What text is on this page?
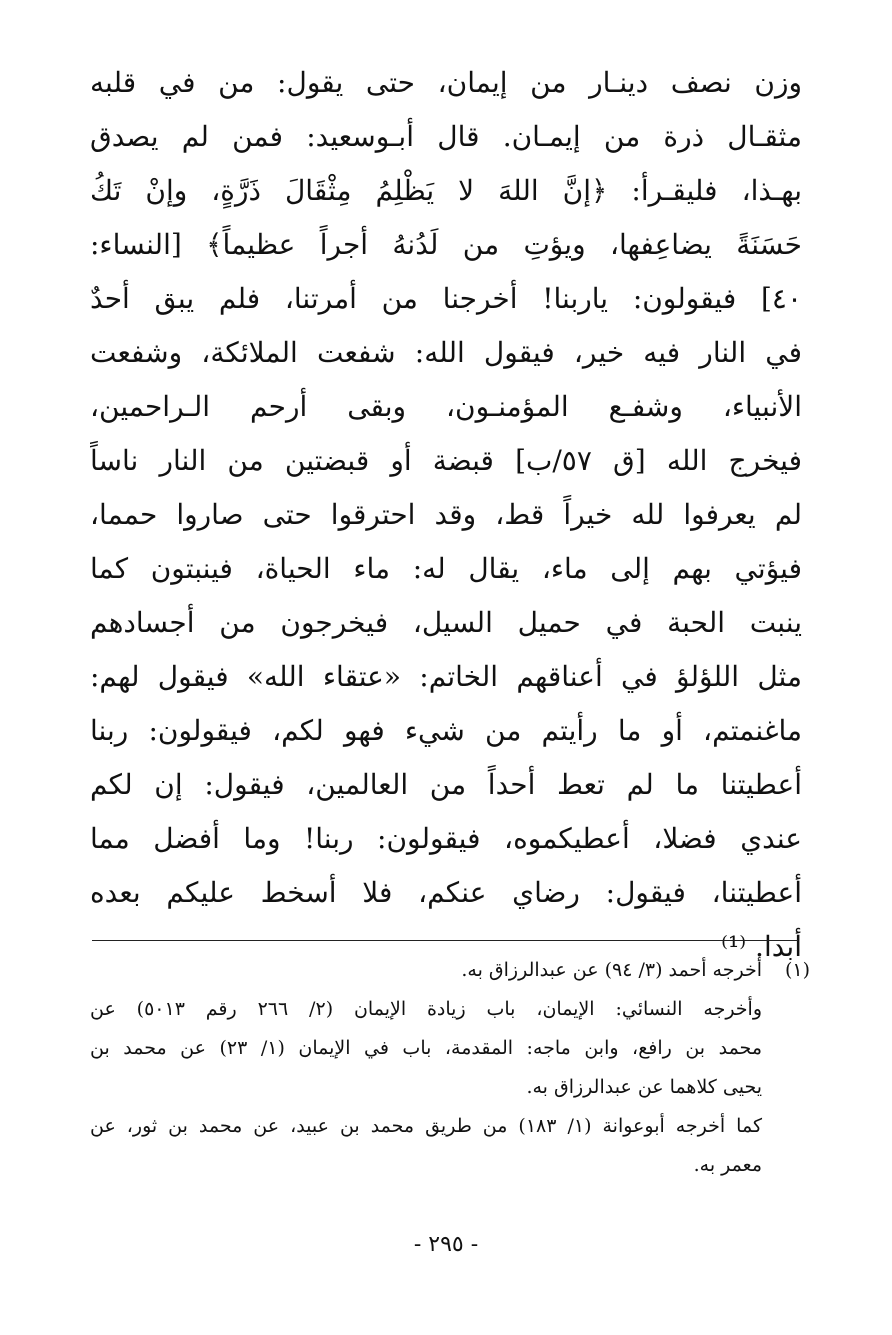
وزن نصف دينـار من إيمان، حتى يقول: من في قلبه
مثقـال ذرة من إيمـان. قال أبـوسعيد: فمن لم يصدق
بهـذا، فليقـرأ: ﴿إنَّ اللهَ لا يَظْلِمُ مِثْقَالَ ذَرَّةٍ، وإنْ تَكُ
حَسَنَةً يضاعِفها، ويؤتِ من لَدُنهُ أجراً عظيماً﴾ [النساء:
٤٠] فيقولون: ياربنا! أخرجنا من أمرتنا، فلم يبق أحدٌ
في النار فيه خير، فيقول الله: شفعت الملائكة، وشفعت
الأنبياء، وشفـع المؤمنـون، وبقى أرحم الـراحمين،
فيخرج الله [ق ٥٧/ب] قبضة أو قبضتين من النار ناساً
لم يعرفوا لله خيراً قط، وقد احترقوا حتى صاروا حمما،
فيؤتي بهم إلى ماء، يقال له: ماء الحياة، فينبتون كما
ينبت الحبة في حميل السيل، فيخرجون من أجسادهم
مثل اللؤلؤ في أعناقهم الخاتم: «عتقاء الله» فيقول لهم:
ماغنمتم، أو ما رأيتم من شيء فهو لكم، فيقولون: ربنا
أعطيتنا ما لم تعط أحداً من العالمين، فيقول: إن لكم
عندي فضلا، أعطيكموه، فيقولون: ربنا! وما أفضل مما
أعطيتنا، فيقول: رضاي عنكم، فلا أسخط عليكم بعده
أبدا. ⁽¹⁾
(١)أخرجه أحمد (٣/ ٩٤) عن عبدالرزاق به.
وأخرجه النسائي: الإيمان، باب زيادة الإيمان (٢/ ٢٦٦ رقم ٥٠١٣) عن
محمد بن رافع، وابن ماجه: المقدمة، باب في الإيمان (١/ ٢٣) عن محمد بن
يحيى كلاهما عن عبدالرزاق به.
كما أخرجه أبوعوانة (١/ ١٨٣) من طريق محمد بن عبيد، عن محمد بن ثور، عن
معمر به.
- ٢٩٥ -
